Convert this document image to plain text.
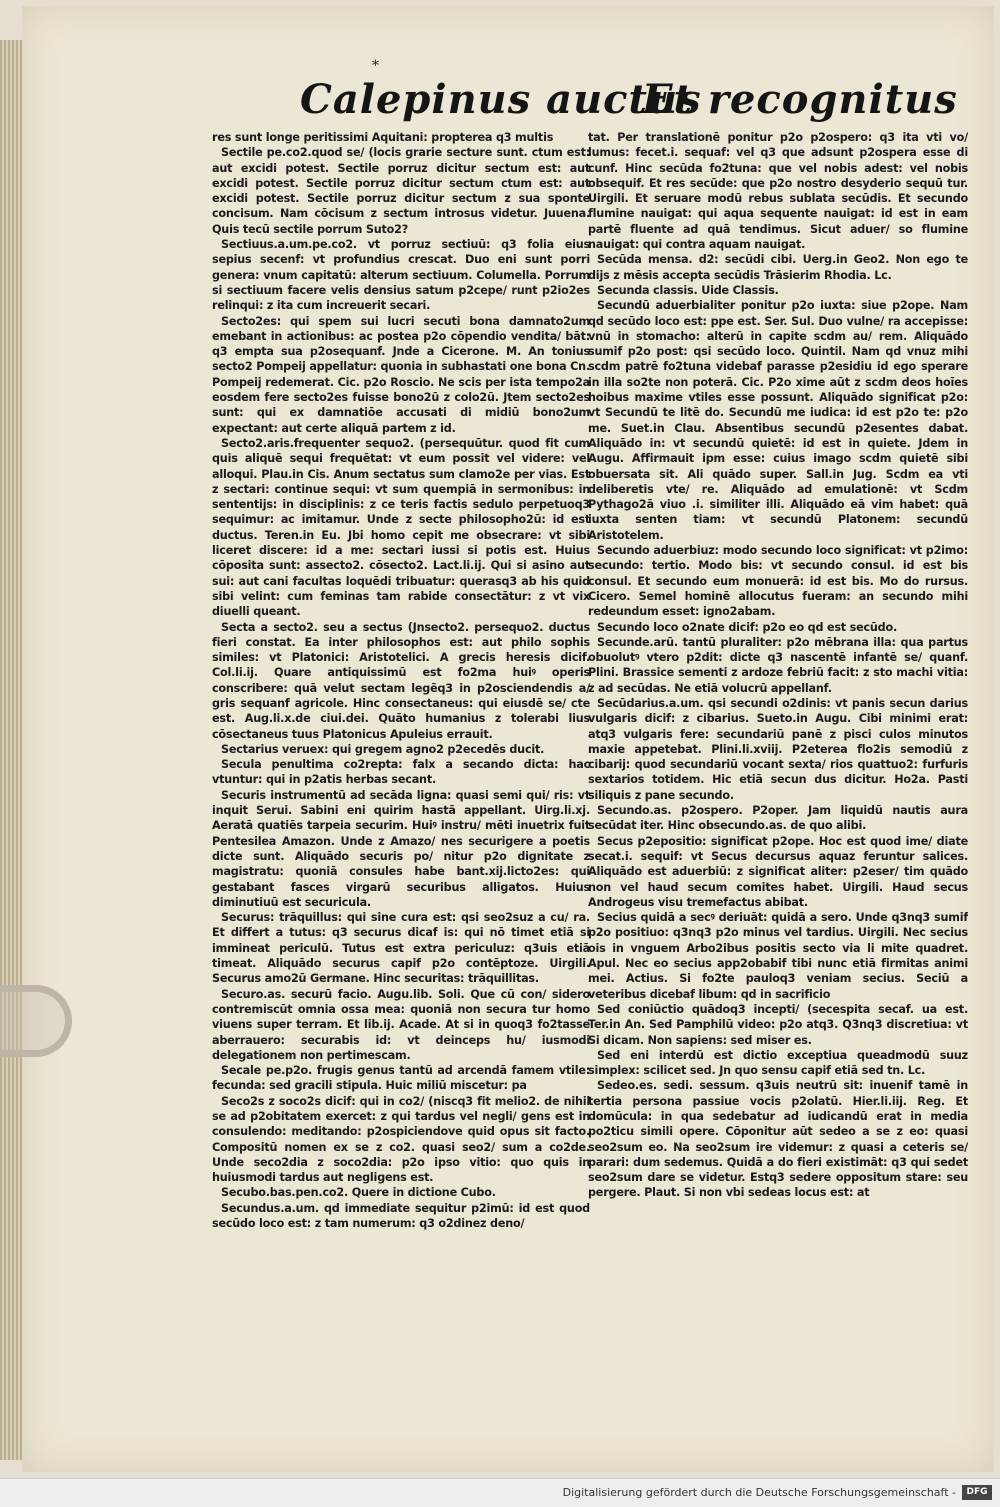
*
Calepinus auctus
Et recognitus

res sunt longe peritissimi Aquitani: propterea q3 multis

Sectile pe.co2.quod se/ (locis grarie secture sunt. ctum est: aut excidi potest. Sectile porruz dicitur sectum est: aut excidi potest. Sectile porruz dicitur sectum ctum est: aut excidi potest. Sectile porruz dicitur sectum z sua sponte concisum. Nam cōcisum z sectum introsus videtur. Juuena. Quis tecū sectile porrum Suto2?

Sectiuus.a.um.pe.co2. vt porruz sectiuū: q3 folia eius sepius secenf: vt profundius crescat. Duo eni sunt porri genera: vnum capitatū: alterum sectiuum. Columella. Porrum si sectiuum facere velis densius satum p2cepe/ runt p2io2es relinqui: z ita cum increuerit secari.

Secto2es: qui spem sui lucri secuti bona damnato2um emebant in actionibus: ac postea p2o cōpendio vendita/ bāt: q3 empta sua p2osequanf. Jnde a Cicerone. M. An tonius secto2 Pompeij appellatur: quonia in subhastati one bona Cn. Pompeij redemerat. Cic. p2o Roscio. Ne scis per ista tempo2a eosdem fere secto2es fuisse bono2ū z colo2ū. Jtem secto2es sunt: qui ex damnatiōe accusati di midiū bono2um expectant: aut certe aliquā partem z id.

Secto2.aris.frequenter sequo2. (persequūtur. quod fit cum quis aliquē sequi frequētat: vt eum possit vel videre: vel alloqui. Plau.in Cis. Anum sectatus sum clamo2e per vias. Est z sectari: continue sequi: vt sum quempiā in sermonibus: in sententijs: in disciplinis: z ce teris factis sedulo perpetuoq3 sequimur: ac imitamur. Unde z secte philosopho2ū: id est ductus. Teren.in Eu. Jbi homo cepit me obsecrare: vt sibi liceret discere: id a me: sectari iussi si potis est. Huius cōposita sunt: assecto2. cōsecto2. Lact.li.ij. Qui si asino aut sui: aut cani facultas loquēdi tribuatur: querasq3 ab his quid sibi velint: cum feminas tam rabide consectātur: z vt vix diuelli queant.

Secta a secto2. seu a sectus (Jnsecto2. persequo2. ductus fieri constat. Ea inter philosophos est: aut philo sophis similes: vt Platonici: Aristotelici. A grecis heresis dicif. Col.li.ij. Quare antiquissimū est fo2ma huiꝰ operis conscribere: quā velut sectam legēq3 in p2osciendendis a/ gris sequanf agricole. Hinc consectaneus: qui eiusdē se/ cte est. Aug.li.x.de ciui.dei. Quāto humanius z tolerabi lius cōsectaneus tuus Platonicus Apuleius errauit.

Sectarius veruex: qui gregem agno2 p2ecedēs ducit.

Secula penultima co2repta: falx a secando dicta: hac vtuntur: qui in p2atis herbas secant.

Securis instrumentū ad secāda ligna: quasi semi qui/ ris: vt inquit Serui. Sabini eni quirim hastā appellant. Uirg.li.xj. Aeratā quatiēs tarpeia securim. Huiꝰ instru/ mēti inuetrix fuit Pentesilea Amazon. Unde z Amazo/ nes securigere a poetis dicte sunt. Aliquādo securis po/ nitur p2o dignitate z magistratu: quoniā consules habe bant.xij.licto2es: qui gestabant fasces virgarū securibus alligatos. Huius diminutiuū est securicula.

Securus: trāquillus: qui sine cura est: qsi seo2suz a cu/ ra. Et differt a tutus: q3 securus dicaf is: qui nō timet etiā si immineat periculū. Tutus est extra periculuz: q3uis etiā timeat. Aliquādo securus capif p2o contēptoze. Uirgili. Securus amo2ū Germane. Hinc securitas: trāquillitas.

Securo.as. securū facio. Augu.lib. Soli. Que cū con/ sidero contremiscūt omnia ossa mea: quoniā non secura tur homo viuens super terram. Et lib.ij. Acade. At si in quoq3 fo2tasse aberrauero: securabis id: vt deinceps hu/ iusmodi delegationem non pertimescam.

Secale pe.p2o. frugis genus tantū ad arcendā famem vtile: fecunda: sed gracili stipula. Huic miliū miscetur: pa

Seco2s z soco2s dicif: qui in co2/ (niscq3 fit melio2. de nihil se ad p2obitatem exercet: z qui tardus vel negli/ gens est in consulendo: meditando: p2ospiciendove quid opus sit facto. Compositū nomen ex se z co2. quasi seo2/ sum a co2de. Unde seco2dia z soco2dia: p2o ipso vitio: quo quis in huiusmodi tardus aut negligens est.

Secubo.bas.pen.co2. Quere in dictione Cubo.

Secundus.a.um. qd immediate sequitur p2imū: id est quod secūdo loco est: z tam numerum: q3 o2dinez deno/

tat. Per translationē ponitur p2o p2ospero: q3 ita vti vo/ lumus: fecet.i. sequaf: vel q3 que adsunt p2ospera esse di cunf. Hinc secūda fo2tuna: que vel nobis adest: vel nobis obsequif. Et res secūde: que p2o nostro desyderio sequū tur. Uirgili. Et seruare modū rebus sublata secūdis. Et secundo flumine nauigat: qui aqua sequente nauigat: id est in eam partē fluente ad quā tendimus. Sicut aduer/ so flumine nauigat: qui contra aquam nauigat.

Secūda mensa. d2: secūdi cibi. Uerg.in Geo2. Non ego te dijs z mēsis accepta secūdis Trāsierim Rhodia. Lc.

Secunda classis. Uide Classis.

Secundū aduerbialiter ponitur p2o iuxta: siue p2ope. Nam qd secūdo loco est: ppe est. Ser. Sul. Duo vulne/ ra accepisse: vnū in stomacho: alterū in capite scdm au/ rem. Aliquādo sumif p2o post: qsi secūdo loco. Quintil. Nam qd vnuz mihi scdm patrē fo2tuna videbaf parasse p2esidiu id ego sperare in illa so2te non poterā. Cic. P2o xime aūt z scdm deos hoīes hoibus maxime vtiles esse possunt. Aliquādo significat p2o: vt Secundū te litē do. Secundū me iudica: id est p2o te: p2o me. Suet.in Clau. Absentibus secundū p2esentes dabat. Aliquādo in: vt secundū quietē: id est in quiete. Jdem in Augu. Affirmauit ipm esse: cuius imago scdm quietē sibi obuersata sit. Ali quādo super. Sall.in Jug. Scdm ea vti deliberetis vte/ re. Aliquādo ad emulationē: vt Scdm Pythago2ā viuo .i. similiter illi. Aliquādo eā vim habet: quā iuxta senten tiam: vt secundū Platonem: secundū Aristotelem.

Secundo aduerbiuz: modo secundo loco significat: vt p2imo: secundo: tertio. Modo bis: vt secundo consul. id est bis consul. Et secundo eum monuerā: id est bis. Mo do rursus. Cicero. Semel hominē allocutus fueram: an secundo mihi redeundum esset: igno2abam.

Secundo loco o2nate dicif: p2o eo qd est secūdo.

Secunde.arū. tantū pluraliter: p2o mēbrana illa: qua partus obuolutꝰ vtero p2dit: dicte q3 nascentē infantē se/ quanf. Plini. Brassice sementi z ardoze febriū facit: z sto machi vitia: z ad secūdas. Ne etiā volucrū appellanf.

Secūdarius.a.um. qsi secundi o2dinis: vt panis secun darius vulgaris dicif: z cibarius. Sueto.in Augu. Cibi minimi erat: atq3 vulgaris fere: secundariū panē z pisci culos minutos maxie appetebat. Plini.li.xviij. P2eterea flo2is semodiū z cibarij: quod secundariū vocant sexta/ rios quattuo2: furfuris sextarios totidem. Hic etiā secun dus dicitur. Ho2a. Pasti siliquis z pane secundo.

Secundo.as. p2ospero. P2oper. Jam liquidū nautis aura secūdat iter. Hinc obsecundo.as. de quo alibi.

Secus p2epositio: significat p2ope. Hoc est quod ime/ diate secat.i. sequif: vt Secus decursus aquaz feruntur salices. Aliquādo est aduerbiū: z significat aliter: p2eser/ tim quādo non vel haud secum comites habet. Uirgili. Haud secus Androgeus visu tremefactus abibat.

Secius quidā a secꝰ deriuāt: quidā a sero. Unde q3nq3 sumif p2o positiuo: q3nq3 p2o minus vel tardius. Uirgili. Nec secius ois in vnguem Arbo2ibus positis secto via li mite quadret. Apul. Nec eo secius app2obabif tibi nunc etiā firmitas animi mei. Actius. Si fo2te pauloq3 veniam secius. Seciū a veteribus dicebaf libum: qd in sacrificio

Sed coniūctio quādoq3 incepti/ (secespita secaf. ua est. Ter.in An. Sed Pamphilū video: p2o atq3. Q3nq3 discretiua: vt Si dicam. Non sapiens: sed miser es.

Sed eni interdū est dictio exceptiua queadmodū suuz simplex: scilicet sed. Jn quo sensu capif etiā sed tn. Lc.

Sedeo.es. sedi. sessum. q3uis neutrū sit: inuenif tamē in tertia persona passiue vocis p2olatū. Hier.li.iij. Reg. Et domūcula: in qua sedebatur ad iudicandū erat in media po2ticu simili opere. Cōponitur aūt sedeo a se z eo: quasi seo2sum eo. Na seo2sum ire videmur: z quasi a ceteris se/ parari: dum sedemus. Quidā a do fieri existimāt: q3 qui sedet seo2sum dare se videtur. Estq3 sedere oppositum stare: seu pergere. Plaut. Si non vbi sedeas locus est: at

Digitalisierung gefördert durch die Deutsche Forschungsgemeinschaft -	DFG
